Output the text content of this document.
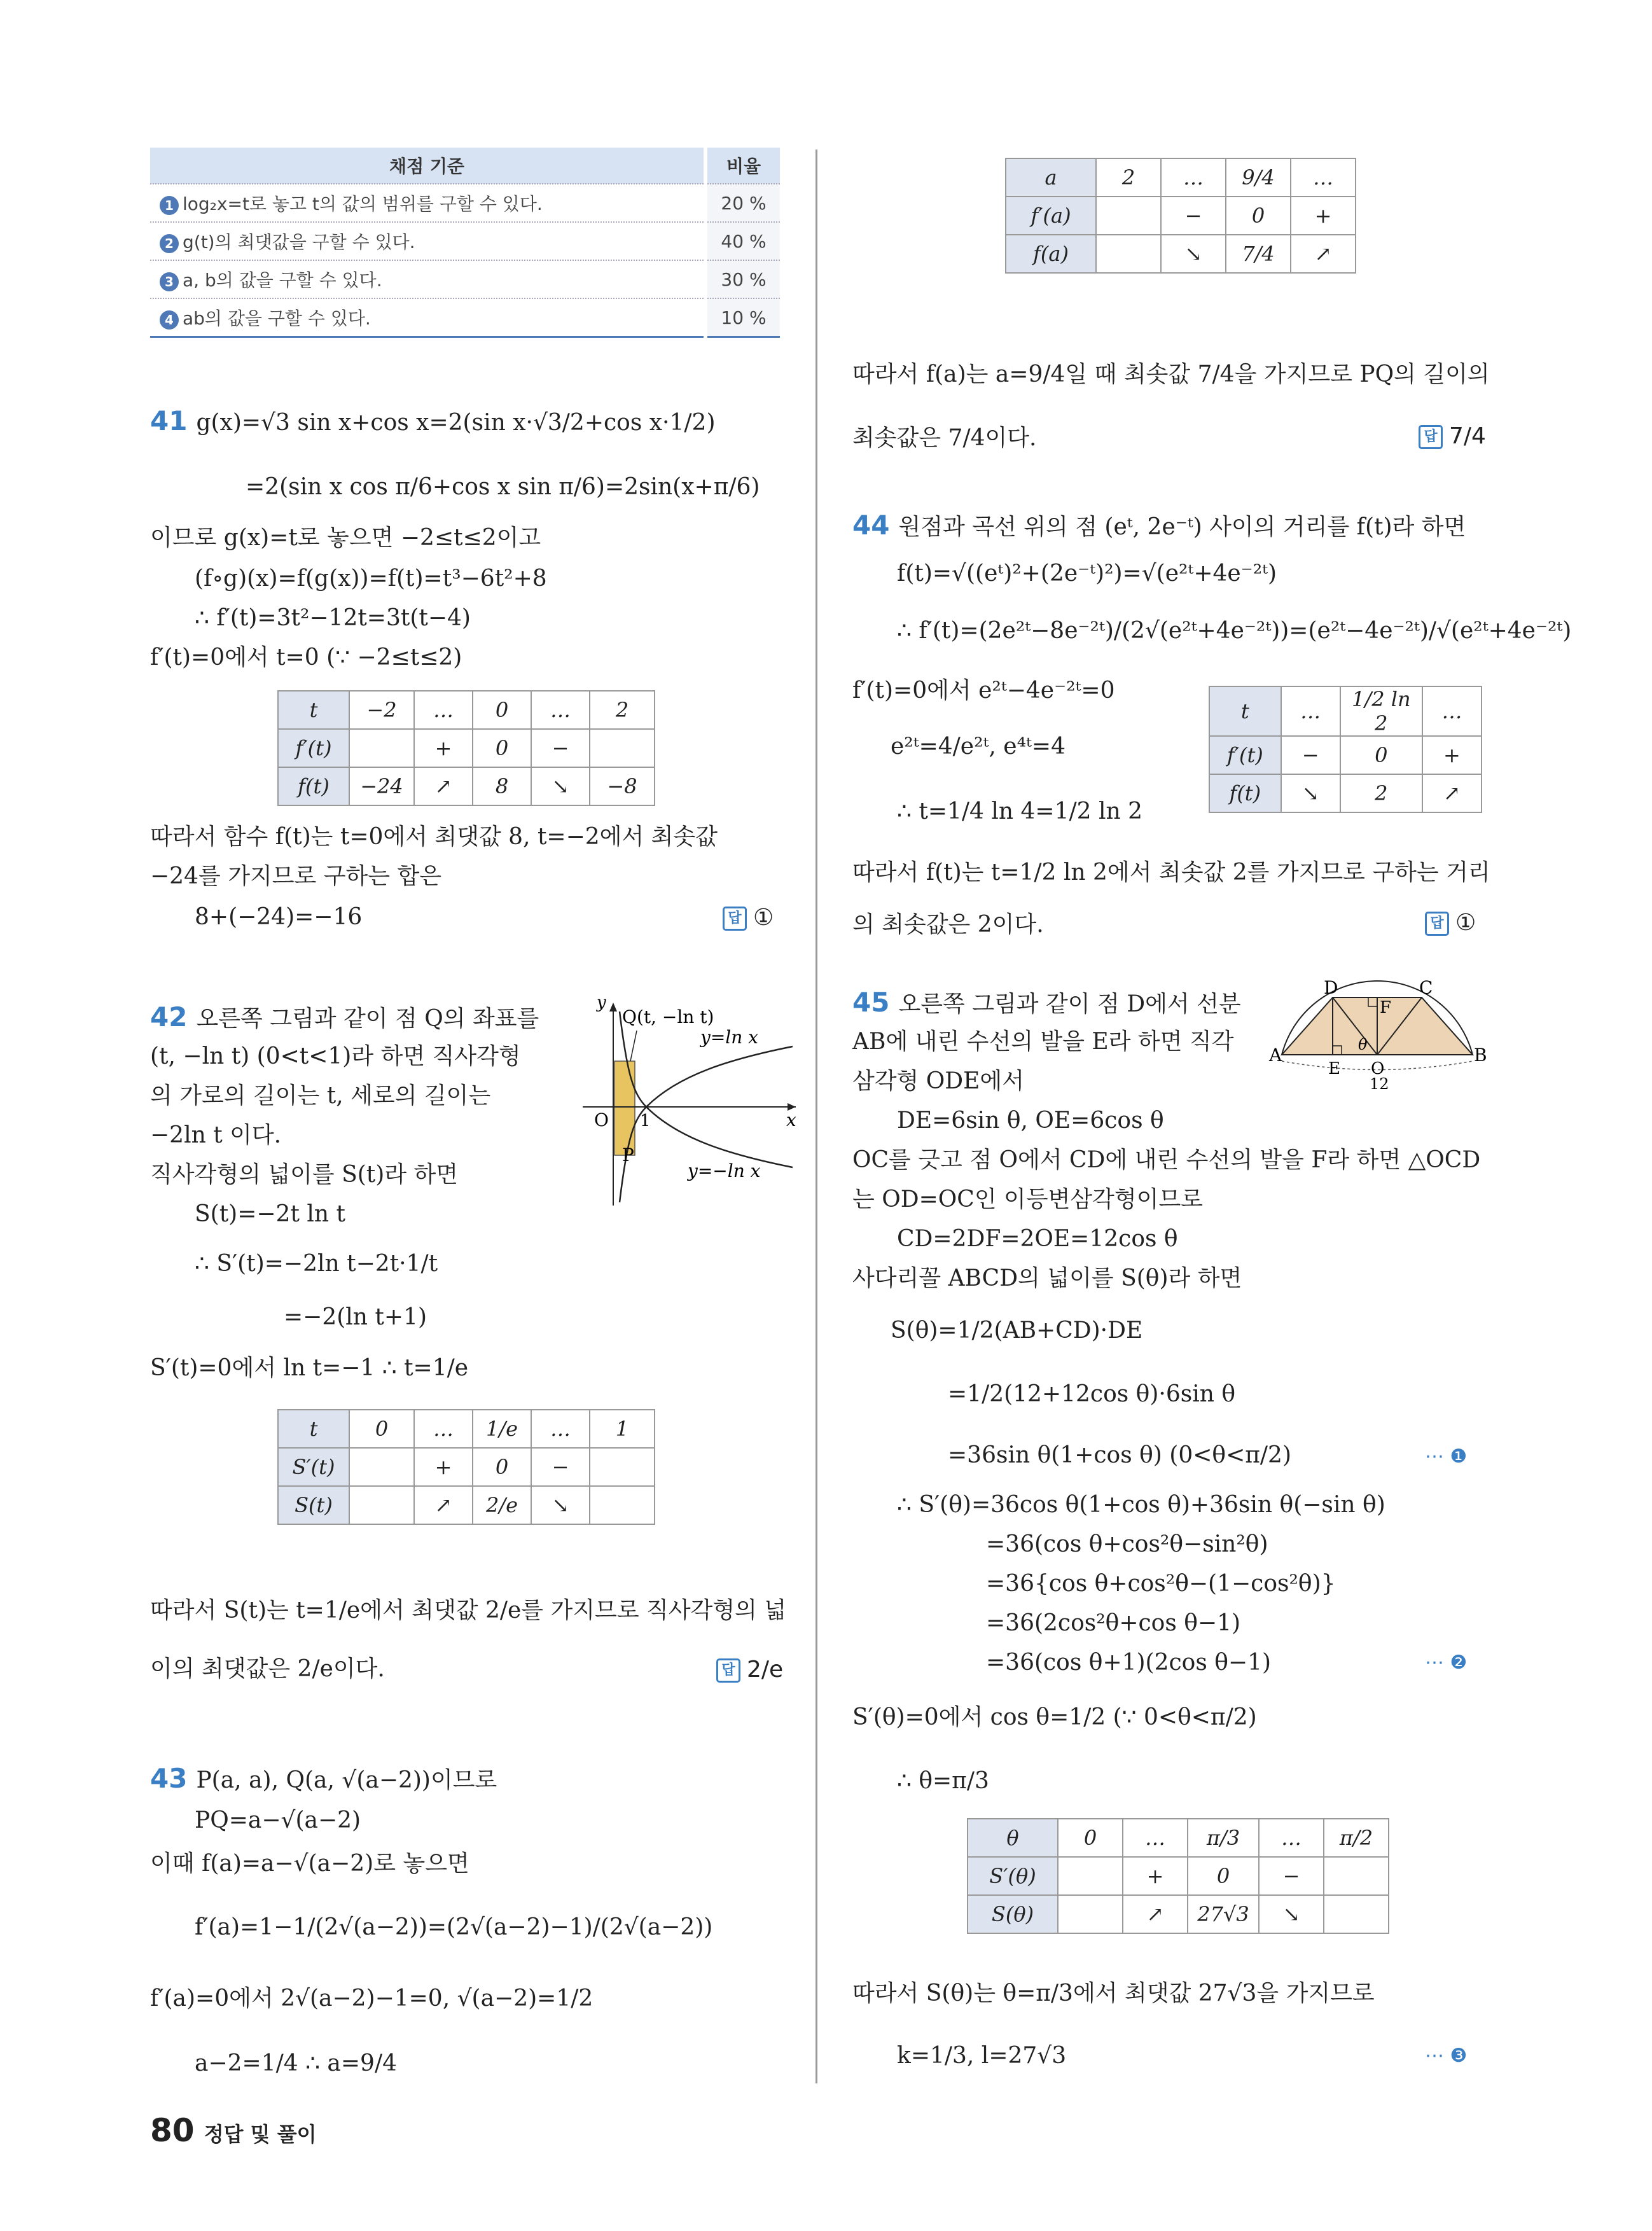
채점 기준	비율
1 log₂x=t로 놓고 t의 값의 범위를 구할 수 있다.	20 %
2 g(t)의 최댓값을 구할 수 있다.	40 %
3 a, b의 값을 구할 수 있다.	30 %
4 ab의 값을 구할 수 있다.	10 %
41 g(x)=√3 sin x+cos x=2(sin x·√3/2+cos x·1/2)
=2(sin x cos π/6+cos x sin π/6)=2sin(x+π/6)
이므로 g(x)=t로 놓으면 −2≤t≤2이고
(f∘g)(x)=f(g(x))=f(t)=t³−6t²+8
∴ f′(t)=3t²−12t=3t(t−4)
f′(t)=0에서 t=0 (∵ −2≤t≤2)
t	−2	…	0	…	2
f′(t)		+	0	−	
f(t)	−24	↗	8	↘	−8
따라서 함수 f(t)는 t=0에서 최댓값 8, t=−2에서 최솟값
−24를 가지므로 구하는 합은
8+(−24)=−16	답 ①
42 오른쪽 그림과 같이 점 Q의 좌표를
(t, −ln t) (0<t<1)라 하면 직사각형
의 가로의 길이는 t, 세로의 길이는
−2ln t 이다.
직사각형의 넓이를 S(t)라 하면
S(t)=−2t ln t
∴ S′(t)=−2ln t−2t·1/t
=−2(ln t+1)
S′(t)=0에서 ln t=−1 ∴ t=1/e
y
x
Q(t, −ln t)
y=ln x
y=−ln x
O 1
P
t	0	…	1/e	…	1
S′(t)		+	0	−	
S(t)		↗	2/e	↘	
따라서 S(t)는 t=1/e에서 최댓값 2/e를 가지므로 직사각형의 넓
이의 최댓값은 2/e이다.	답 2/e
43 P(a, a), Q(a, √(a−2))이므로
PQ=a−√(a−2)
이때 f(a)=a−√(a−2)로 놓으면
f′(a)=1−1/(2√(a−2))=(2√(a−2)−1)/(2√(a−2))
f′(a)=0에서 2√(a−2)−1=0, √(a−2)=1/2
a−2=1/4 ∴ a=9/4
a	2	…	9/4	…
f′(a)		−	0	+
f(a)		↘	7/4	↗
따라서 f(a)는 a=9/4일 때 최솟값 7/4을 가지므로 PQ의 길이의
최솟값은 7/4이다.	답 7/4
44 원점과 곡선 위의 점 (eᵗ, 2e⁻ᵗ) 사이의 거리를 f(t)라 하면
f(t)=√((eᵗ)²+(2e⁻ᵗ)²)=√(e²ᵗ+4e⁻²ᵗ)
∴ f′(t)=(2e²ᵗ−8e⁻²ᵗ)/(2√(e²ᵗ+4e⁻²ᵗ))=(e²ᵗ−4e⁻²ᵗ)/√(e²ᵗ+4e⁻²ᵗ)
f′(t)=0에서 e²ᵗ−4e⁻²ᵗ=0
e²ᵗ=4/e²ᵗ, e⁴ᵗ=4
∴ t=1/4 ln 4=1/2 ln 2
t	…	1/2 ln 2	…
f′(t)	−	0	+
f(t)	↘	2	↗
따라서 f(t)는 t=1/2 ln 2에서 최솟값 2를 가지므로 구하는 거리
의 최솟값은 2이다.	답 ①
45 오른쪽 그림과 같이 점 D에서 선분
AB에 내린 수선의 발을 E라 하면 직각
삼각형 ODE에서
DE=6sin θ, OE=6cos θ
OC를 긋고 점 O에서 CD에 내린 수선의 발을 F라 하면 △OCD
는 OD=OC인 이등변삼각형이므로
CD=2DF=2OE=12cos θ
사다리꼴 ABCD의 넓이를 S(θ)라 하면
S(θ)=1/2(AB+CD)·DE
=1/2(12+12cos θ)·6sin θ
=36sin θ(1+cos θ) (0<θ<π/2)	⋯ ❶
∴ S′(θ)=36cos θ(1+cos θ)+36sin θ(−sin θ)
=36(cos θ+cos²θ−sin²θ)
=36{cos θ+cos²θ−(1−cos²θ)}
=36(2cos²θ+cos θ−1)
=36(cos θ+1)(2cos θ−1)	⋯ ❷
S′(θ)=0에서 cos θ=1/2 (∵ 0<θ<π/2)
∴ θ=π/3
A	B
C
D
E
F
O
θ
12
θ	0	…	π/3	…	π/2
S′(θ)		+	0	−	
S(θ)		↗	27√3	↘	
따라서 S(θ)는 θ=π/3에서 최댓값 27√3을 가지므로
k=1/3, l=27√3	⋯ ❸
80 정답 및 풀이
